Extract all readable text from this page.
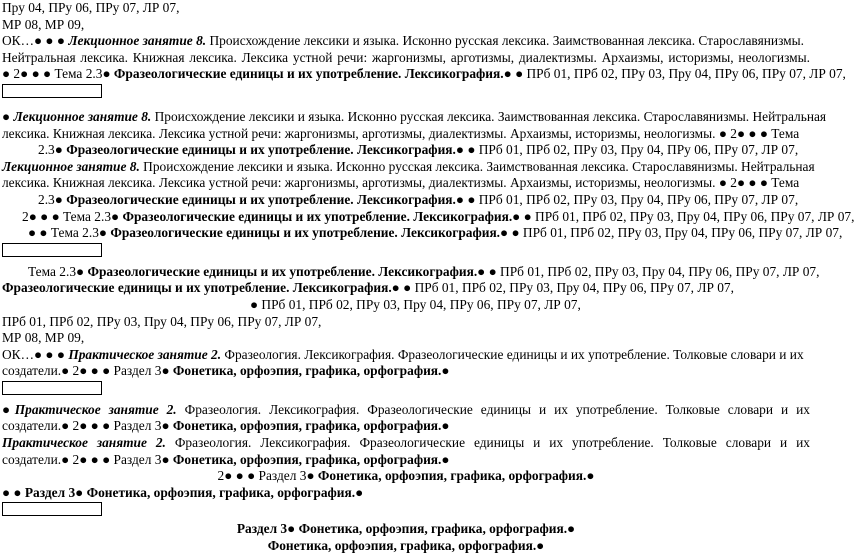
Пру 04, ПРу 06, ПРу 07, ЛР 07,
МР 08, МР 09,
ОК…● ● ● Лекционное занятие 8. Происхождение лексики и языка. Исконно русская лексика. Заимствованная лексика. Старославянизмы.
Нейтральная лексика. Книжная лексика. Лексика устной речи: жаргонизмы, арготизмы, диалектизмы. Архаизмы, историзмы, неологизмы.
● 2● ● ● Тема 2.3● Фразеологические единицы и их употребление. Лексикография.● ● ПРб 01, ПРб 02, ПРу 03, Пру 04, ПРу 06, ПРу 07, ЛР 07,
● Лекционное занятие 8. Происхождение лексики и языка. Исконно русская лексика. Заимствованная лексика. Старославянизмы. Нейтральная
лексика. Книжная лексика. Лексика устной речи: жаргонизмы, арготизмы, диалектизмы. Архаизмы, историзмы, неологизмы. ● 2● ● ● Тема
2.3● Фразеологические единицы и их употребление. Лексикография.● ● ПРб 01, ПРб 02, ПРу 03, Пру 04, ПРу 06, ПРу 07, ЛР 07,
Лекционное занятие 8. Происхождение лексики и языка. Исконно русская лексика. Заимствованная лексика. Старославянизмы. Нейтральная
лексика. Книжная лексика. Лексика устной речи: жаргонизмы, арготизмы, диалектизмы. Архаизмы, историзмы, неологизмы. ● 2● ● ● Тема
2.3● Фразеологические единицы и их употребление. Лексикография.● ● ПРб 01, ПРб 02, ПРу 03, Пру 04, ПРу 06, ПРу 07, ЛР 07,
2● ● ● Тема 2.3● Фразеологические единицы и их употребление. Лексикография.● ● ПРб 01, ПРб 02, ПРу 03, Пру 04, ПРу 06, ПРу 07, ЛР 07,
● ● Тема 2.3● Фразеологические единицы и их употребление. Лексикография.● ● ПРб 01, ПРб 02, ПРу 03, Пру 04, ПРу 06, ПРу 07, ЛР 07,
Тема 2.3● Фразеологические единицы и их употребление. Лексикография.● ● ПРб 01, ПРб 02, ПРу 03, Пру 04, ПРу 06, ПРу 07, ЛР 07,
Фразеологические единицы и их употребление. Лексикография.● ● ПРб 01, ПРб 02, ПРу 03, Пру 04, ПРу 06, ПРу 07, ЛР 07,
● ПРб 01, ПРб 02, ПРу 03, Пру 04, ПРу 06, ПРу 07, ЛР 07,
ПРб 01, ПРб 02, ПРу 03, Пру 04, ПРу 06, ПРу 07, ЛР 07,
МР 08, МР 09,
ОК…● ● ● Практическое занятие 2. Фразеология. Лексикография. Фразеологические единицы и их употребление. Толковые словари и их
создатели.● 2● ● ● Раздел 3● Фонетика, орфоэпия, графика, орфография.●
●Практическое занятие 2. Фразеология. Лексикография. Фразеологические единицы и их употребление. Толковые словари и их
создатели.● 2● ● ● Раздел 3● Фонетика, орфоэпия, графика, орфография.●
Практическое занятие 2. Фразеология. Лексикография. Фразеологические единицы и их употребление. Толковые словари и их
создатели.● 2● ● ● Раздел 3● Фонетика, орфоэпия, графика, орфография.●
2● ● ● Раздел 3● Фонетика, орфоэпия, графика, орфография.●
● ● Раздел 3● Фонетика, орфоэпия, графика, орфография.●
Раздел 3● Фонетика, орфоэпия, графика, орфография.●
Фонетика, орфоэпия, графика, орфография.●
